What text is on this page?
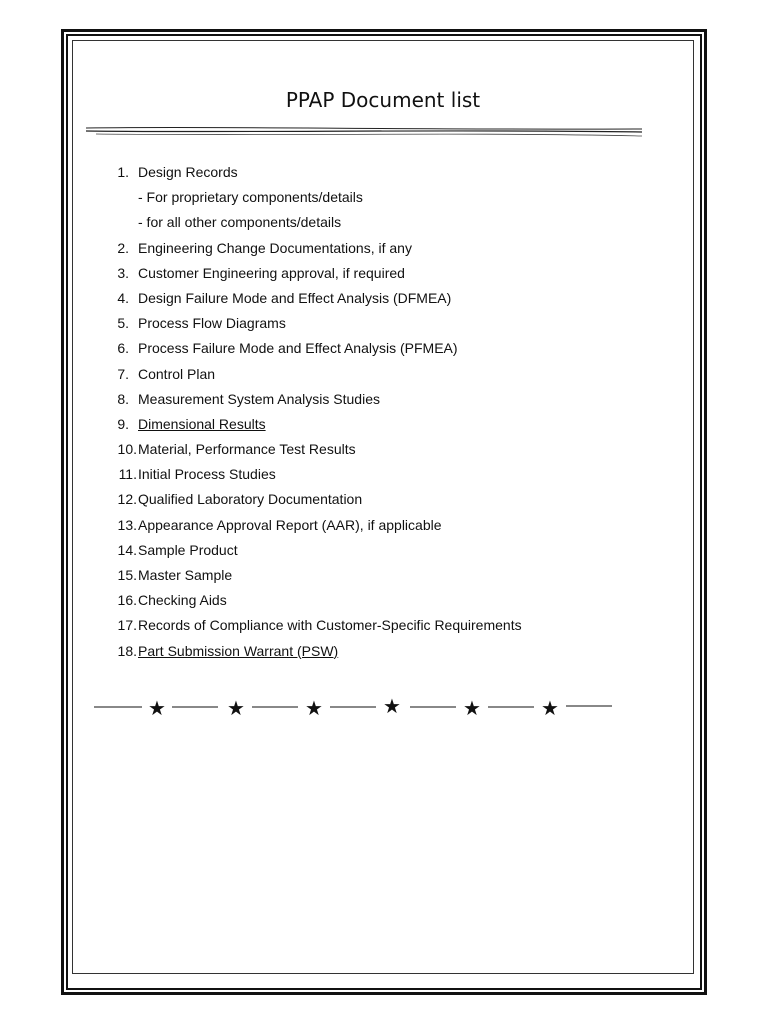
PPAP Document list
1. Design Records
- For proprietary components/details
- for all other components/details
2. Engineering Change Documentations, if any
3. Customer Engineering approval, if required
4. Design Failure Mode and Effect Analysis (DFMEA)
5. Process Flow Diagrams
6. Process Failure Mode and Effect Analysis (PFMEA)
7. Control Plan
8. Measurement System Analysis Studies
9. Dimensional Results
10.Material, Performance Test Results
11.Initial Process Studies
12.Qualified Laboratory Documentation
13.Appearance Approval Report (AAR), if applicable
14.Sample Product
15.Master Sample
16.Checking Aids
17.Records of Compliance with Customer-Specific Requirements
18.Part Submission Warrant (PSW)
★	★	★	★	★	★
